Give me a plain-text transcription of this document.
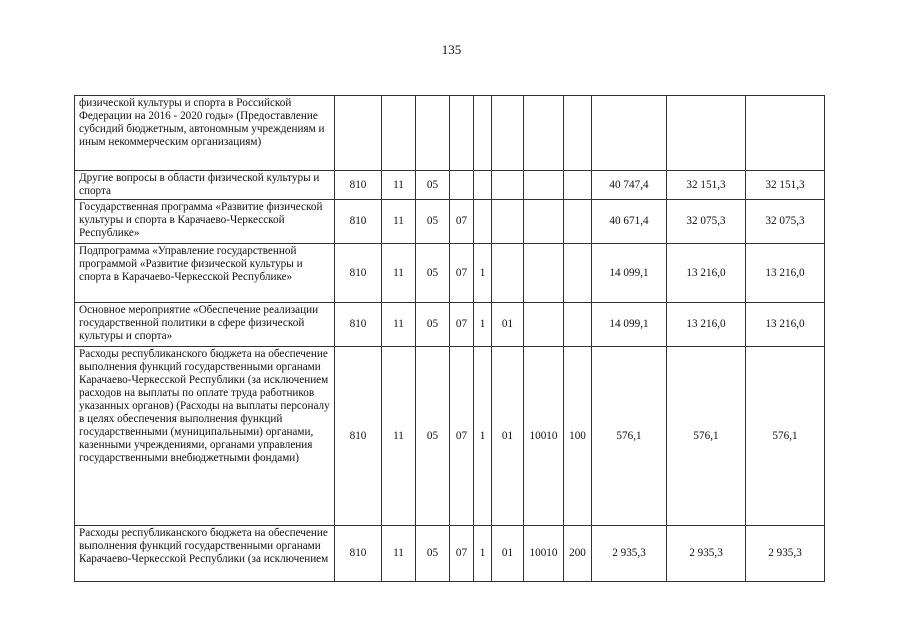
135
физической культуры и спорта в Российской Федерации на 2016 - 2020 годы» (Предоставление субсидий бюджетным, автономным учреждениям и иным некоммерческим организациям)											
Другие вопросы в области физической культуры и спорта	810	11	05						40 747,4	32 151,3	32 151,3
Государственная программа «Развитие физической культуры и спорта в Карачаево-Черкесской Республике»	810	11	05	07					40 671,4	32 075,3	32 075,3
Подпрограмма «Управление государственной программой «Развитие физической культуры и спорта в Карачаево-Черкесской Республике»	810	11	05	07	1				14 099,1	13 216,0	13 216,0
Основное мероприятие «Обеспечение реализации государственной политики в сфере физической культуры и спорта»	810	11	05	07	1	01			14 099,1	13 216,0	13 216,0
Расходы республиканского бюджета на обеспечение выполнения функций государственными органами Карачаево-Черкесской Республики (за исключением расходов на выплаты по оплате труда работников указанных органов) (Расходы на выплаты персоналу в целях обеспечения выполнения функций государственными (муниципальными) органами, казенными учреждениями, органами управления государственными внебюджетными фондами)	810	11	05	07	1	01	10010	100	576,1	576,1	576,1
Расходы республиканского бюджета на обеспечение выполнения функций государственными органами Карачаево-Черкесской Республики (за исключением	810	11	05	07	1	01	10010	200	2 935,3	2 935,3	2 935,3
